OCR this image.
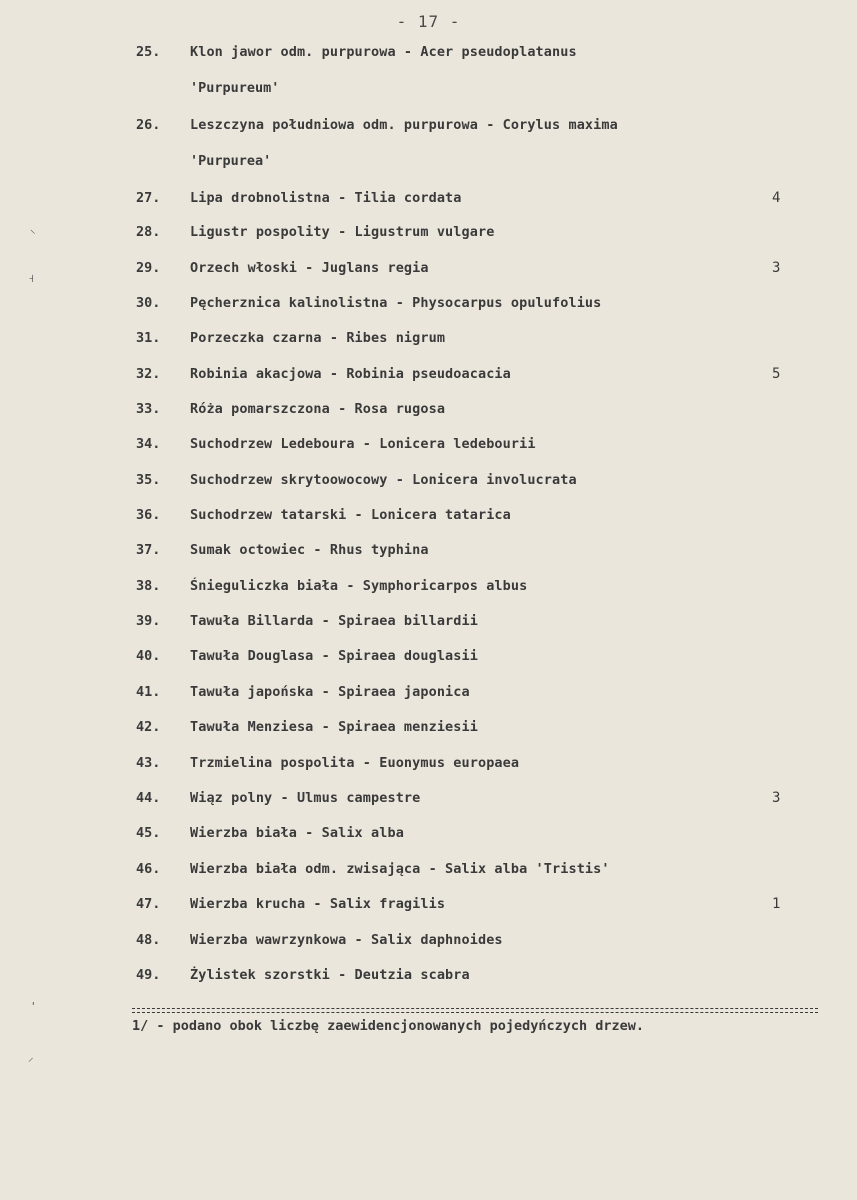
- 17 -
25. Klon jawor odm. purpurowa - Acer pseudoplatanus
'Purpureum'
26. Leszczyna południowa odm. purpurowa - Corylus maxima
'Purpurea'
27. Lipa drobnolistna - Tilia cordata	4
28. Ligustr pospolity - Ligustrum vulgare
29. Orzech włoski - Juglans regia	3
30. Pęcherznica kalinolistna - Physocarpus opulufolius
31. Porzeczka czarna - Ribes nigrum
32. Robinia akacjowa - Robinia pseudoacacia	5
33. Róża pomarszczona - Rosa rugosa
34. Suchodrzew Ledeboura - Lonicera ledebourii
35. Suchodrzew skrytoowocowy - Lonicera involucrata
36. Suchodrzew tatarski - Lonicera tatarica
37. Sumak octowiec - Rhus typhina
38. Śnieguliczka biała - Symphoricarpos albus
39. Tawuła Billarda - Spiraea billardii
40. Tawuła Douglasa - Spiraea douglasii
41. Tawuła japońska - Spiraea japonica
42. Tawuła Menziesa - Spiraea menziesii
43. Trzmielina pospolita - Euonymus europaea
44. Wiąz polny - Ulmus campestre	3
45. Wierzba biała - Salix alba
46. Wierzba biała odm. zwisająca - Salix alba 'Tristis'
47. Wierzba krucha - Salix fragilis	1
48. Wierzba wawrzynkowa - Salix daphnoides
49. Żylistek szorstki - Deutzia scabra
1/ - podano obok liczbę zaewidencjonowanych pojedyńczych drzew.
⸜
˧
'
⸝
